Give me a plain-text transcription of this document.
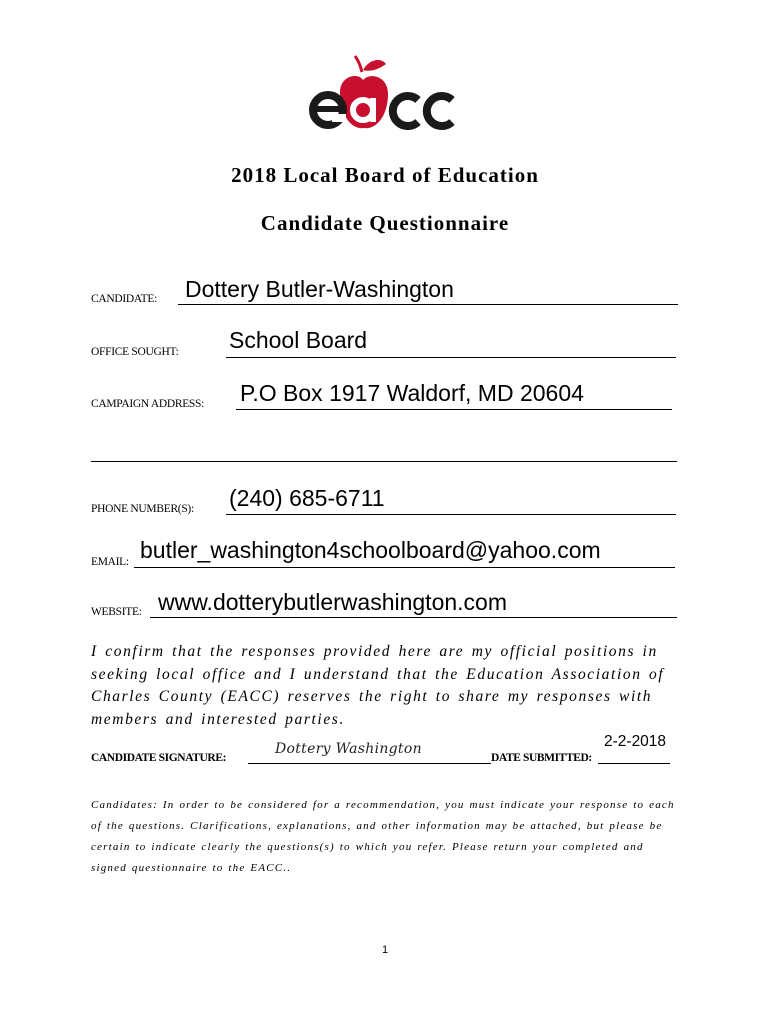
2018 Local Board of Education
Candidate Questionnaire
CANDIDATE: Dottery Butler-Washington
OFFICE SOUGHT: School Board
CAMPAIGN ADDRESS: P.O Box 1917 Waldorf, MD 20604
PHONE NUMBER(S): (240) 685-6711
EMAIL: butler_washington4schoolboard@yahoo.com
WEBSITE: www.dotterybutlerwashington.com
I confirm that the responses provided here are my official positions in seeking local office and I understand that the Education Association of Charles County (EACC) reserves the right to share my responses with members and interested parties.
CANDIDATE SIGNATURE:
Dottery Washington
DATE SUBMITTED:
2-2-2018
Candidates: In order to be considered for a recommendation, you must indicate your response to each of the questions. Clarifications, explanations, and other information may be attached, but please be certain to indicate clearly the questions(s) to which you refer. Please return your completed and signed questionnaire to the EACC..
1
